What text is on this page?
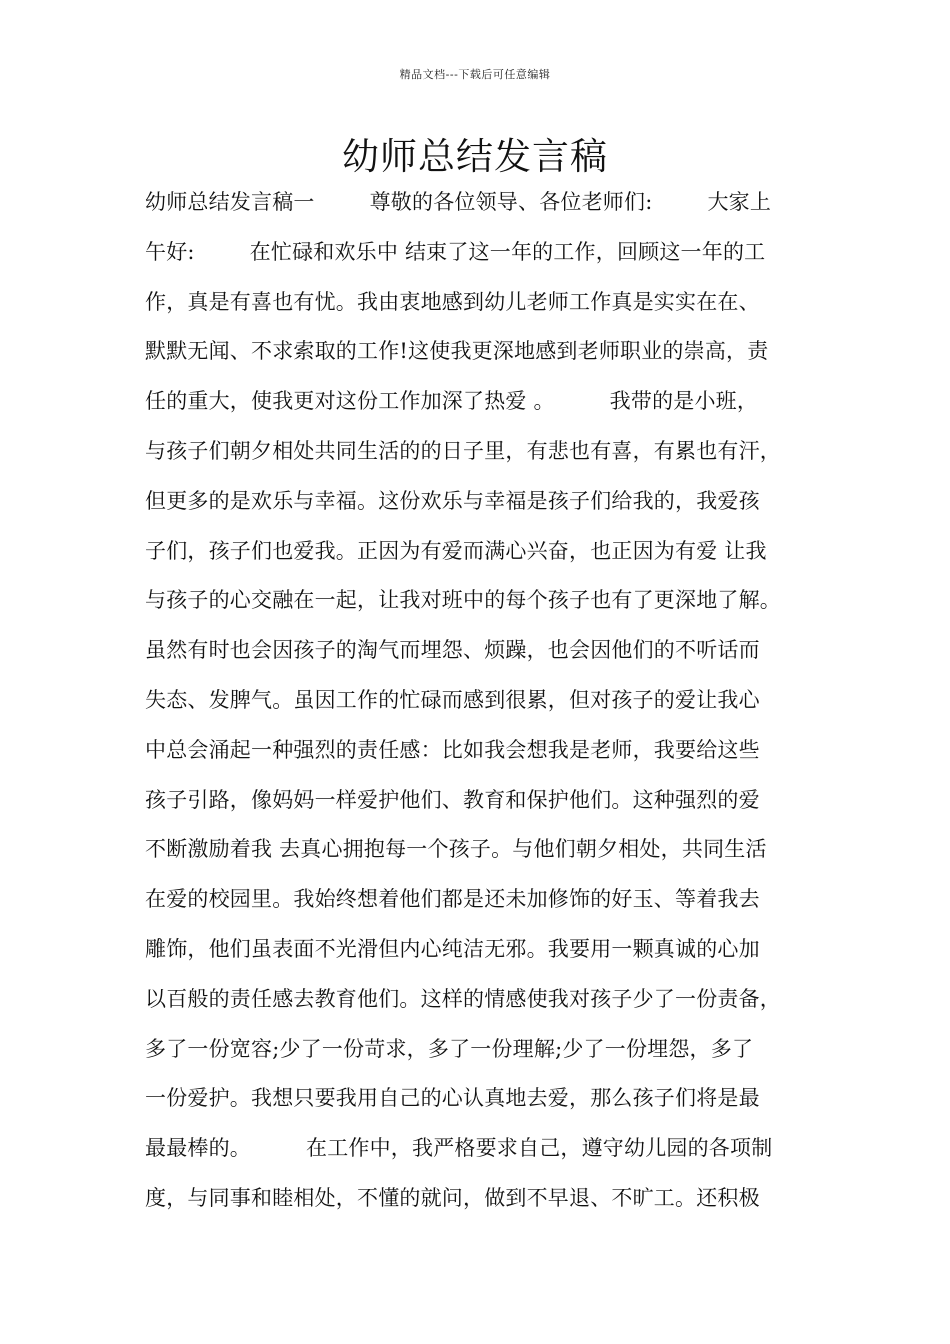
精品文档---下载后可任意编辑
幼师总结发言稿
幼师总结发言稿一        尊敬的各位领导、各位老师们:        大家上
午好:        在忙碌和欢乐中 结束了这一年的工作，回顾这一年的工
作，真是有喜也有忧。我由衷地感到幼儿老师工作真是实实在在、
默默无闻、不求索取的工作!这使我更深地感到老师职业的崇高，责
任的重大，使我更对这份工作加深了热爱 。        我带的是小班，
与孩子们朝夕相处共同生活的的日子里，有悲也有喜，有累也有汗，
但更多的是欢乐与幸福。这份欢乐与幸福是孩子们给我的，我爱孩
子们，孩子们也爱我。正因为有爱而满心兴奋，也正因为有爱 让我
与孩子的心交融在一起，让我对班中的每个孩子也有了更深地了解。
虽然有时也会因孩子的淘气而埋怨、烦躁，也会因他们的不听话而
失态、发脾气。虽因工作的忙碌而感到很累，但对孩子的爱让我心
中总会涌起一种强烈的责任感：比如我会想我是老师，我要给这些
孩子引路，像妈妈一样爱护他们、教育和保护他们。这种强烈的爱
不断激励着我 去真心拥抱每一个孩子。与他们朝夕相处，共同生活
在爱的校园里。我始终想着他们都是还未加修饰的好玉、等着我去
雕饰，他们虽表面不光滑但内心纯洁无邪。我要用一颗真诚的心加
以百般的责任感去教育他们。这样的情感使我对孩子少了一份责备，
多了一份宽容;少了一份苛求，多了一份理解;少了一份埋怨，多了
一份爱护。我想只要我用自己的心认真地去爱，那么孩子们将是最
最最棒的。        在工作中，我严格要求自己，遵守幼儿园的各项制
度，与同事和睦相处，不懂的就问，做到不早退、不旷工。还积极
